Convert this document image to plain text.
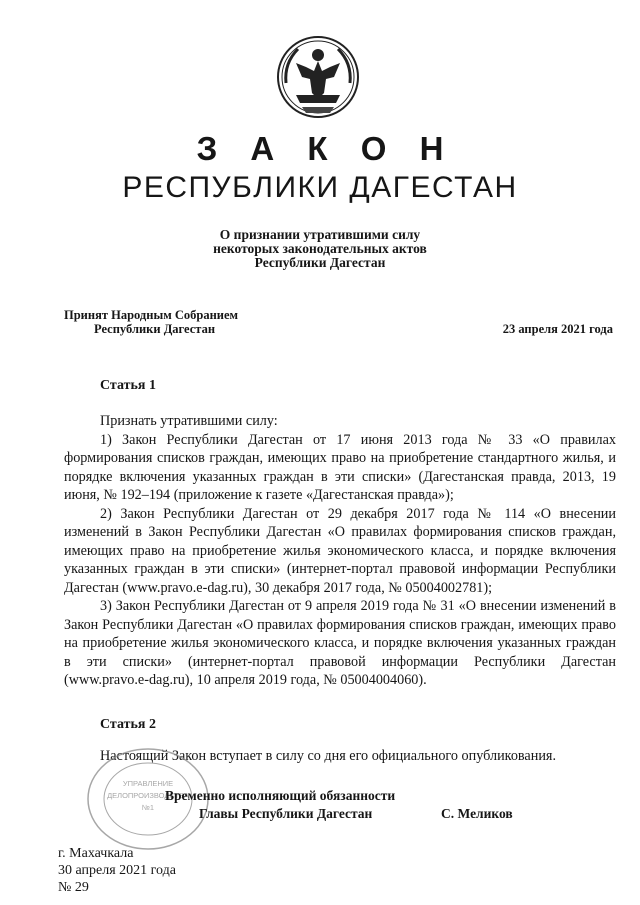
З А К О Н
РЕСПУБЛИКИ ДАГЕСТАН
О признании утратившими силу
некоторых законодательных актов
Республики Дагестан
Принят Народным Собранием
Республики Дагестан	23 апреля 2021 года
Статья 1

Признать утратившими силу:

1) Закон Республики Дагестан от 17 июня 2013 года № 33 «О правилах формирования списков граждан, имеющих право на приобретение стандартного жилья, и порядке включения указанных граждан в эти списки» (Дагестанская правда, 2013, 19 июня, № 192–194 (приложение к газете «Дагестанская правда»);

2) Закон Республики Дагестан от 29 декабря 2017 года № 114 «О внесении изменений в Закон Республики Дагестан «О правилах формирования списков граждан, имеющих право на приобретение жилья экономического класса, и порядке включения указанных граждан в эти списки» (интернет-портал правовой информации Республики Дагестан (www.pravo.e-dag.ru), 30 декабря 2017 года, № 05004002781);

3) Закон Республики Дагестан от 9 апреля 2019 года № 31 «О внесении изменений в Закон Республики Дагестан «О правилах формирования списков граждан, имеющих право на приобретение жилья экономического класса, и порядке включения указанных граждан в эти списки» (интернет-портал правовой информации Республики Дагестан (www.pravo.e-dag.ru), 10 апреля 2019 года, № 05004004060).

Статья 2

Настоящий Закон вступает в силу со дня его официального опубликования.

УПРАВЛЕНИЕ
ДЕЛОПРОИЗВОДСТВА
№1
Временно исполняющий обязанности
Главы Республики Дагестан	С. Меликов
г. Махачкала
30 апреля 2021 года
№ 29
